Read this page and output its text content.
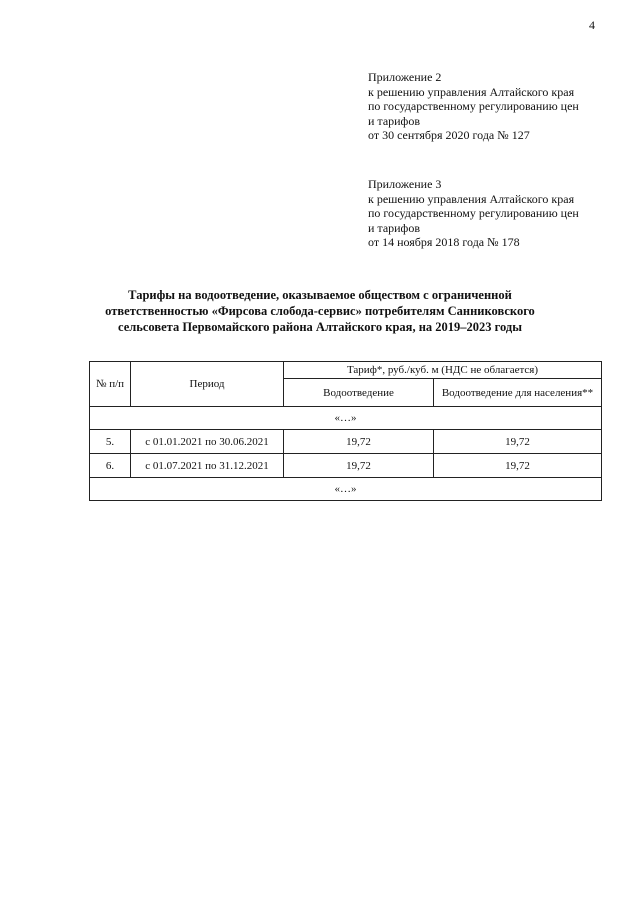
4
Приложение 2
к решению управления Алтайского края
по государственному регулированию цен
и тарифов
от 30 сентября 2020 года № 127
Приложение 3
к решению управления Алтайского края
по государственному регулированию цен
и тарифов
от 14 ноября 2018 года № 178
Тарифы на водоотведение, оказываемое обществом с ограниченной
ответственностью «Фирсова слобода-сервис» потребителям Санниковского
сельсовета Первомайского района Алтайского края, на 2019–2023 годы
№ п/п	Период	Тариф*, руб./куб. м (НДС не облагается)	
		Водоотведение	Водоотведение для населения**
«…»			
5.	с 01.01.2021 по 30.06.2021	19,72	19,72
6.	с 01.07.2021 по 31.12.2021	19,72	19,72
«…»			
